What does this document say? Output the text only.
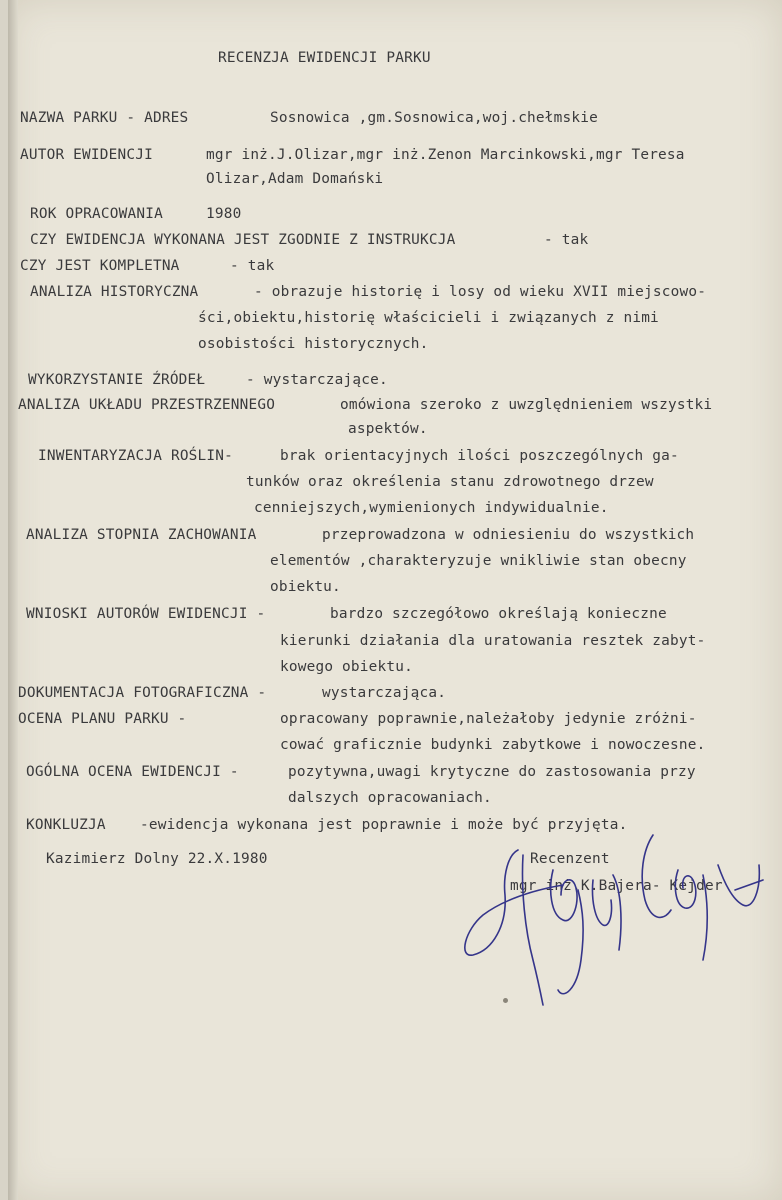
RECENZJA EWIDENCJI PARKU
NAZWA PARKU - ADRES	Sosnowica ,gm.Sosnowica,woj.chełmskie
AUTOR EWIDENCJI	mgr inż.J.Olizar,mgr inż.Zenon Marcinkowski,mgr Teresa
Olizar,Adam Domański
ROK OPRACOWANIA	1980
CZY EWIDENCJA WYKONANA JEST ZGODNIE Z INSTRUKCJA	- tak
CZY JEST KOMPLETNA	- tak
ANALIZA HISTORYCZNA	- obrazuje historię i losy od wieku XVII miejscowo-
ści,obiektu,historię właścicieli i związanych z nimi
osobistości historycznych.
WYKORZYSTANIE ŹRÓDEŁ	- wystarczające.
ANALIZA UKŁADU PRZESTRZENNEGO	omówiona szeroko z uwzględnieniem wszystki
aspektów.
INWENTARYZACJA ROŚLIN-	brak orientacyjnych ilości poszczególnych ga-
tunków oraz określenia stanu zdrowotnego drzew
cenniejszych,wymienionych indywidualnie.
ANALIZA STOPNIA ZACHOWANIA	przeprowadzona w odniesieniu do wszystkich
elementów ,charakteryzuje wnikliwie stan obecny
obiektu.
WNIOSKI AUTORÓW EWIDENCJI -	bardzo szczegółowo określają konieczne
kierunki działania dla uratowania resztek zabyt-
kowego obiektu.
DOKUMENTACJA FOTOGRAFICZNA -	wystarczająca.
OCENA PLANU PARKU -	opracowany poprawnie,należałoby jedynie zróżni-
cować graficznie budynki zabytkowe i nowoczesne.
OGÓLNA OCENA EWIDENCJI -	pozytywna,uwagi krytyczne do zastosowania przy
dalszych opracowaniach.
KONKLUZJA -ewidencja wykonana jest poprawnie i może być przyjęta.
Kazimierz Dolny 22.X.1980	Recenzent
mgr inż.K.Bajera- Kejder
